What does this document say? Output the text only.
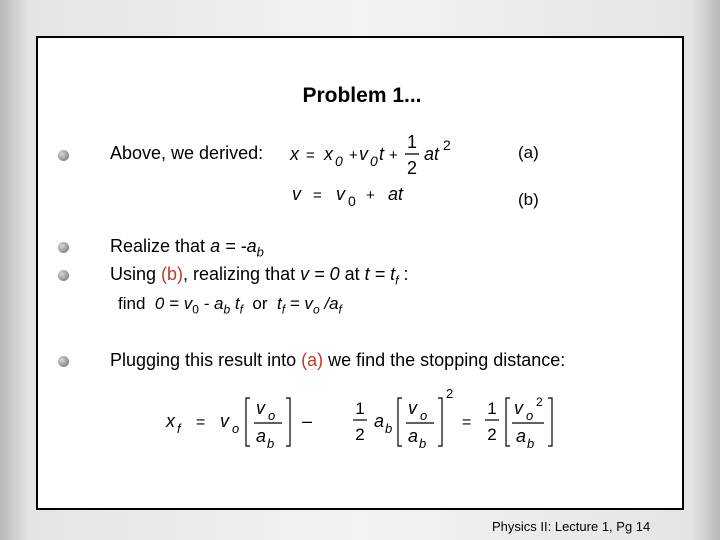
Problem 1...
Above, we derived: x = x 0 + v 0 t +
1
2
at 2	(a)
v = v 0 + at	(b)
Realize that $a = -a_b$
Using (b), realizing that v = 0 at $t = t_f$ :
find $0 = v_0 - a_b$ $t_f$ or $t_f = v_o$ $/a_f$
Plugging this result into (a) we find the stopping distance:
x f = v o
v o
a b
–
1
2
a b
v o
a b
2
=
1
2
v o
2
a b
Physics II: Lecture 1, Pg 14
